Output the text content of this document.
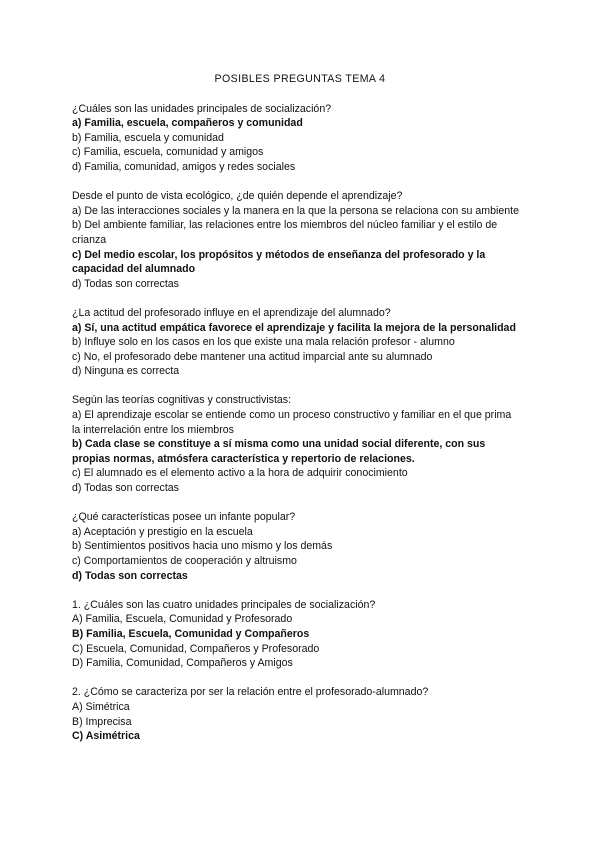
POSIBLES PREGUNTAS TEMA 4
¿Cuáles son las unidades principales de socialización?
a) Familia, escuela, compañeros y comunidad
b) Familia, escuela y comunidad
c) Familia, escuela, comunidad y amigos
d) Familia, comunidad, amigos y redes sociales
Desde el punto de vista ecológico, ¿de quién depende el aprendizaje?
a) De las interacciones sociales y la manera en la que la persona se relaciona con su ambiente
b) Del ambiente familiar, las relaciones entre los miembros del núcleo familiar y el estilo de crianza
c) Del medio escolar, los propósitos y métodos de enseñanza del profesorado y la capacidad del alumnado
d) Todas son correctas
¿La actitud del profesorado influye en el aprendizaje del alumnado?
a) Sí, una actitud empática favorece el aprendizaje y facilita la mejora de la personalidad
b) Influye solo en los casos en los que existe una mala relación profesor - alumno
c) No, el profesorado debe mantener una actitud imparcial ante su alumnado
d) Ninguna es correcta
Según las teorías cognitivas y constructivistas:
a) El aprendizaje escolar se entiende como un proceso constructivo y familiar en el que prima la interrelación entre los miembros
b) Cada clase se constituye a sí misma como una unidad social diferente, con sus propias normas, atmósfera característica y repertorio de relaciones.
c) El alumnado es el elemento activo a la hora de adquirir conocimiento
d) Todas son correctas
¿Qué características posee un infante popular?
a) Aceptación y prestigio en la escuela
b) Sentimientos positivos hacia uno mismo y los demás
c) Comportamientos de cooperación y altruismo
d) Todas son correctas
1. ¿Cuáles son las cuatro unidades principales de socialización?
A) Familia, Escuela, Comunidad y Profesorado
B) Familia, Escuela, Comunidad y Compañeros
C) Escuela, Comunidad, Compañeros y Profesorado
D) Familia, Comunidad, Compañeros y Amigos
2. ¿Cómo se caracteriza por ser la relación entre el profesorado-alumnado?
A) Simétrica
B) Imprecisa
C) Asimétrica
